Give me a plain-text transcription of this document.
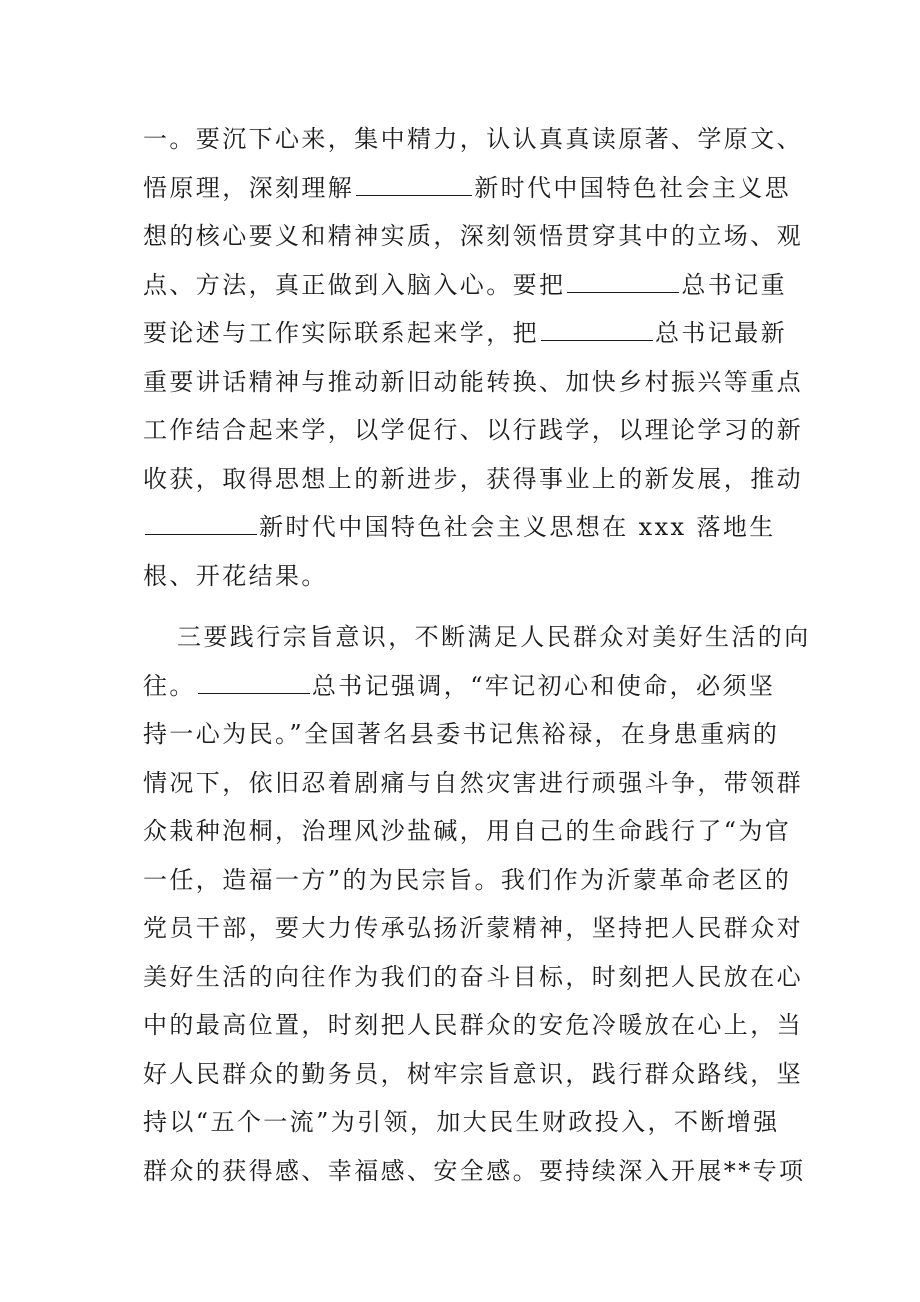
一。要沉下心来，集中精力，认认真真读原著、学原文、
悟原理，深刻理解	新时代中国特色社会主义思
想的核心要义和精神实质，深刻领悟贯穿其中的立场、观
点、方法，真正做到入脑入心。要把	总书记重
要论述与工作实际联系起来学，把	总书记最新
重要讲话精神与推动新旧动能转换、加快乡村振兴等重点
工作结合起来学，以学促行、以行践学，以理论学习的新
收获，取得思想上的新进步，获得事业上的新发展，推动
新时代中国特色社会主义思想在 xxx 落地生
根、开花结果。
三要践行宗旨意识，不断满足人民群众对美好生活的向
往。	总书记强调，“牢记初心和使命，必须坚
持一心为民。”全国著名县委书记焦裕禄，在身患重病的
情况下，依旧忍着剧痛与自然灾害进行顽强斗争，带领群
众栽种泡桐，治理风沙盐碱，用自己的生命践行了“为官
一任，造福一方”的为民宗旨。我们作为沂蒙革命老区的
党员干部，要大力传承弘扬沂蒙精神，坚持把人民群众对
美好生活的向往作为我们的奋斗目标，时刻把人民放在心
中的最高位置，时刻把人民群众的安危冷暖放在心上，当
好人民群众的勤务员，树牢宗旨意识，践行群众路线，坚
持以“五个一流”为引领，加大民生财政投入，不断增强
群众的获得感、幸福感、安全感。要持续深入开展**专项
